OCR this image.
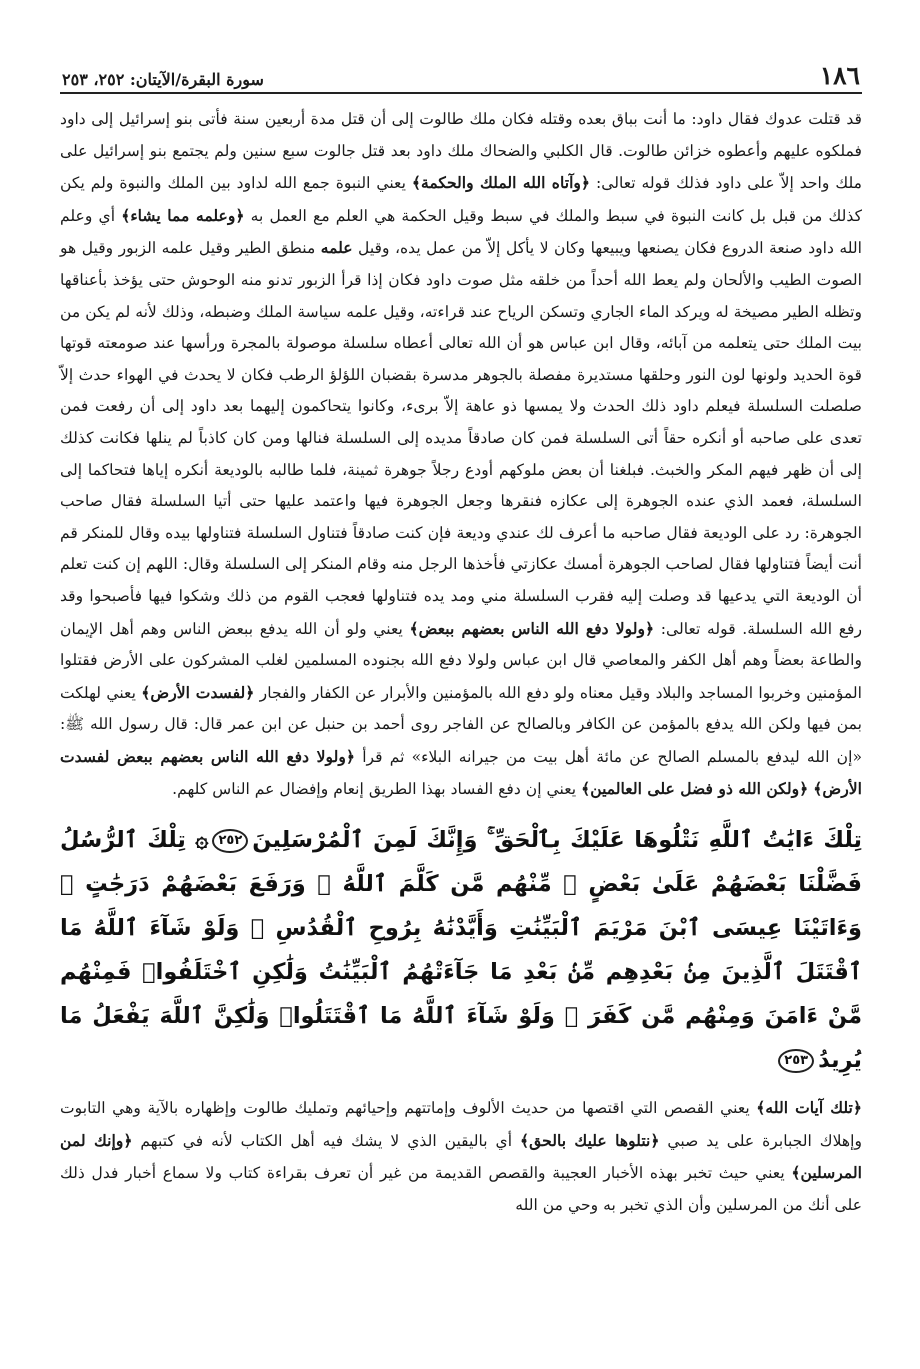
١٨٦
سورة البقرة/الآيتان: ٢٥٢، ٢٥٣

قد قتلت عدوك فقال داود: ما أنت بباق بعده وقتله فكان ملك طالوت إلى أن قتل مدة أربعين سنة فأتى بنو إسرائيل إلى داود فملكوه عليهم وأعطوه خزائن طالوت. قال الكلبي والضحاك ملك داود بعد قتل جالوت سبع سنين ولم يجتمع بنو إسرائيل على ملك واحد إلاّ على داود فذلك قوله تعالى: ﴿وآتاه الله الملك والحكمة﴾ يعني النبوة جمع الله لداود بين الملك والنبوة ولم يكن كذلك من قبل بل كانت النبوة في سبط والملك في سبط وقيل الحكمة هي العلم مع العمل به ﴿وعلمه مما يشاء﴾ أي وعلم الله داود صنعة الدروع فكان يصنعها ويبيعها وكان لا يأكل إلاّ من عمل يده، وقيل علمه منطق الطير وقيل علمه الزبور وقيل هو الصوت الطيب والألحان ولم يعط الله أحداً من خلقه مثل صوت داود فكان إذا قرأ الزبور تدنو منه الوحوش حتى يؤخذ بأعناقها وتظله الطير مصيخة له ويركد الماء الجاري وتسكن الرياح عند قراءته، وقيل علمه سياسة الملك وضبطه، وذلك لأنه لم يكن من بيت الملك حتى يتعلمه من آبائه، وقال ابن عباس هو أن الله تعالى أعطاه سلسلة موصولة بالمجرة ورأسها عند صومعته قوتها قوة الحديد ولونها لون النور وحلقها مستديرة مفصلة بالجوهر مدسرة بقضبان اللؤلؤ الرطب فكان لا يحدث في الهواء حدث إلاّ صلصلت السلسلة فيعلم داود ذلك الحدث ولا يمسها ذو عاهة إلاّ برىء، وكانوا يتحاكمون إليهما بعد داود إلى أن رفعت فمن تعدى على صاحبه أو أنكره حقاً أتى السلسلة فمن كان صادقاً مديده إلى السلسلة فنالها ومن كان كاذباً لم ينلها فكانت كذلك إلى أن ظهر فيهم المكر والخبث. فبلغنا أن بعض ملوكهم أودع رجلاً جوهرة ثمينة، فلما طالبه بالوديعة أنكره إياها فتحاكما إلى السلسلة، فعمد الذي عنده الجوهرة إلى عكازه فنقرها وجعل الجوهرة فيها واعتمد عليها حتى أتيا السلسلة فقال صاحب الجوهرة: رد على الوديعة فقال صاحبه ما أعرف لك عندي وديعة فإن كنت صادقاً فتناول السلسلة فتناولها بيده وقال للمنكر قم أنت أيضاً فتناولها فقال لصاحب الجوهرة أمسك عكازتي فأخذها الرجل منه وقام المنكر إلى السلسلة وقال: اللهم إن كنت تعلم أن الوديعة التي يدعيها قد وصلت إليه فقرب السلسلة مني ومد يده فتناولها فعجب القوم من ذلك وشكوا فيها فأصبحوا وقد رفع الله السلسلة. قوله تعالى: ﴿ولولا دفع الله الناس بعضهم ببعض﴾ يعني ولو أن الله يدفع ببعض الناس وهم أهل الإيمان والطاعة بعضاً وهم أهل الكفر والمعاصي قال ابن عباس ولولا دفع الله بجنوده المسلمين لغلب المشركون على الأرض فقتلوا المؤمنين وخربوا المساجد والبلاد وقيل معناه ولو دفع الله بالمؤمنين والأبرار عن الكفار والفجار ﴿لفسدت الأرض﴾ يعني لهلكت بمن فيها ولكن الله يدفع بالمؤمن عن الكافر وبالصالح عن الفاجر روى أحمد بن حنبل عن ابن عمر قال: قال رسول الله ﷺ: «إن الله ليدفع بالمسلم الصالح عن مائة أهل بيت من جيرانه البلاء» ثم قرأ ﴿ولولا دفع الله الناس بعضهم ببعض لفسدت الأرض﴾ ﴿ولكن الله ذو فضل على العالمين﴾ يعني إن دفع الفساد بهذا الطريق إنعام وإفضال عم الناس كلهم.

تِلْكَ ءَايَٰتُ ٱللَّهِ نَتْلُوهَا عَلَيْكَ بِٱلْحَقِّ ۚ وَإِنَّكَ لَمِنَ ٱلْمُرْسَلِينَ٢٥٢۞ تِلْكَ ٱلرُّسُلُ فَضَّلْنَا بَعْضَهُمْ عَلَىٰ بَعْضٍ ۘ مِّنْهُم مَّن كَلَّمَ ٱللَّهُ ۖ وَرَفَعَ بَعْضَهُمْ دَرَجَٰتٍ ۚ وَءَاتَيْنَا عِيسَى ٱبْنَ مَرْيَمَ ٱلْبَيِّنَٰتِ وَأَيَّدْنَٰهُ بِرُوحِ ٱلْقُدُسِ ۗ وَلَوْ شَآءَ ٱللَّهُ مَا ٱقْتَتَلَ ٱلَّذِينَ مِنۢ بَعْدِهِم مِّنۢ بَعْدِ مَا جَآءَتْهُمُ ٱلْبَيِّنَٰتُ وَلَٰكِنِ ٱخْتَلَفُوا۟ فَمِنْهُم مَّنْ ءَامَنَ وَمِنْهُم مَّن كَفَرَ ۚ وَلَوْ شَآءَ ٱللَّهُ مَا ٱقْتَتَلُوا۟ وَلَٰكِنَّ ٱللَّهَ يَفْعَلُ مَا يُرِيدُ٢٥٣

﴿تلك آيات الله﴾ يعني القصص التي اقتصها من حديث الألوف وإماتتهم وإحيائهم وتمليك طالوت وإظهاره بالآية وهي التابوت وإهلاك الجبابرة على يد صبي ﴿نتلوها عليك بالحق﴾ أي باليقين الذي لا يشك فيه أهل الكتاب لأنه في كتبهم ﴿وإنك لمن المرسلين﴾ يعني حيث تخبر بهذه الأخبار العجيبة والقصص القديمة من غير أن تعرف بقراءة كتاب ولا سماع أخبار فدل ذلك على أنك من المرسلين وأن الذي تخبر به وحي من الله
